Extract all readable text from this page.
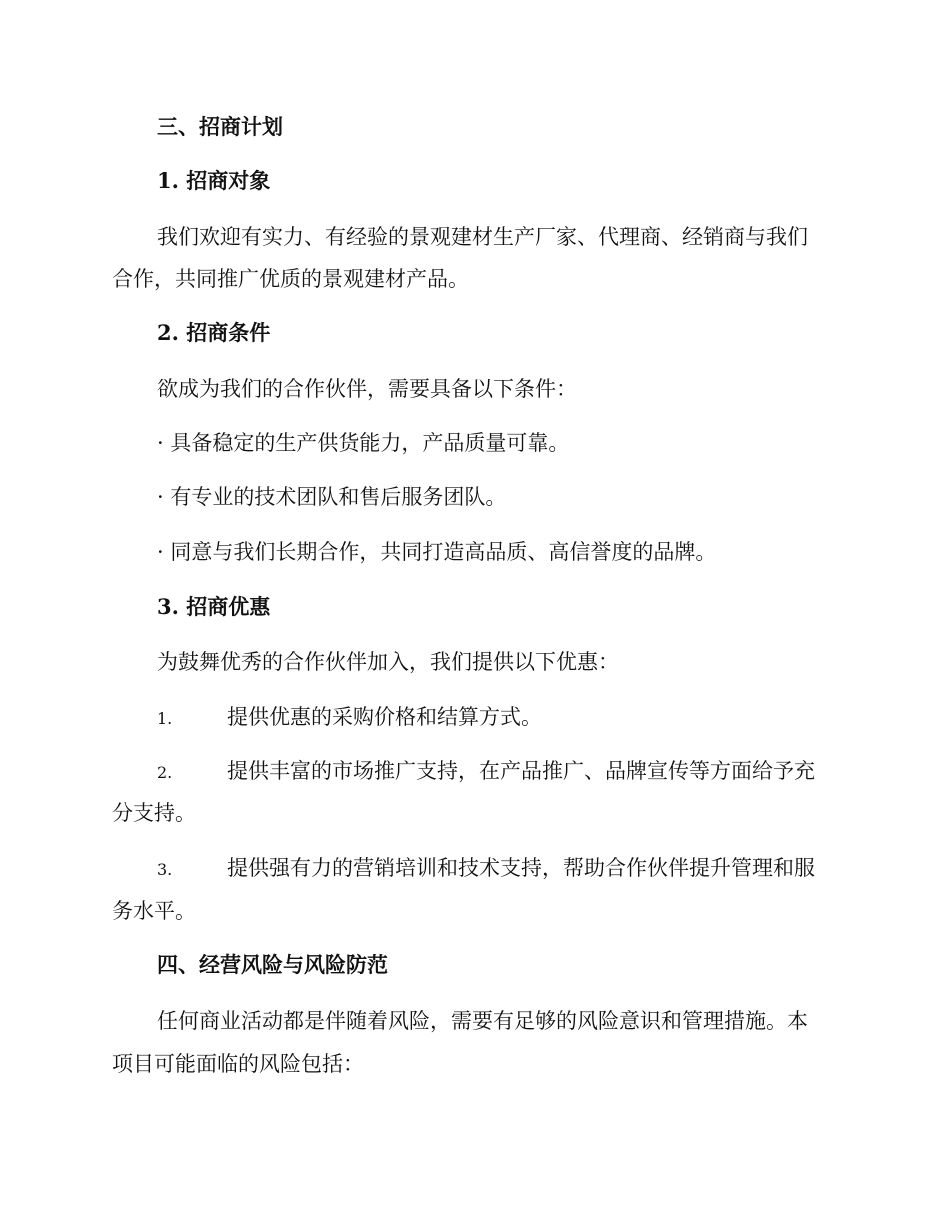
三、招商计划

1. 招商对象

我们欢迎有实力、有经验的景观建材生产厂家、代理商、经销商与我们

合作，共同推广优质的景观建材产品。

2. 招商条件

欲成为我们的合作伙伴，需要具备以下条件：

· 具备稳定的生产供货能力，产品质量可靠。

· 有专业的技术团队和售后服务团队。

· 同意与我们长期合作，共同打造高品质、高信誉度的品牌。

3. 招商优惠

为鼓舞优秀的合作伙伴加入，我们提供以下优惠：

1.	提供优惠的采购价格和结算方式。

2.	提供丰富的市场推广支持，在产品推广、品牌宣传等方面给予充

分支持。

3.	提供强有力的营销培训和技术支持，帮助合作伙伴提升管理和服

务水平。

四、经营风险与风险防范

任何商业活动都是伴随着风险，需要有足够的风险意识和管理措施。本

项目可能面临的风险包括：
